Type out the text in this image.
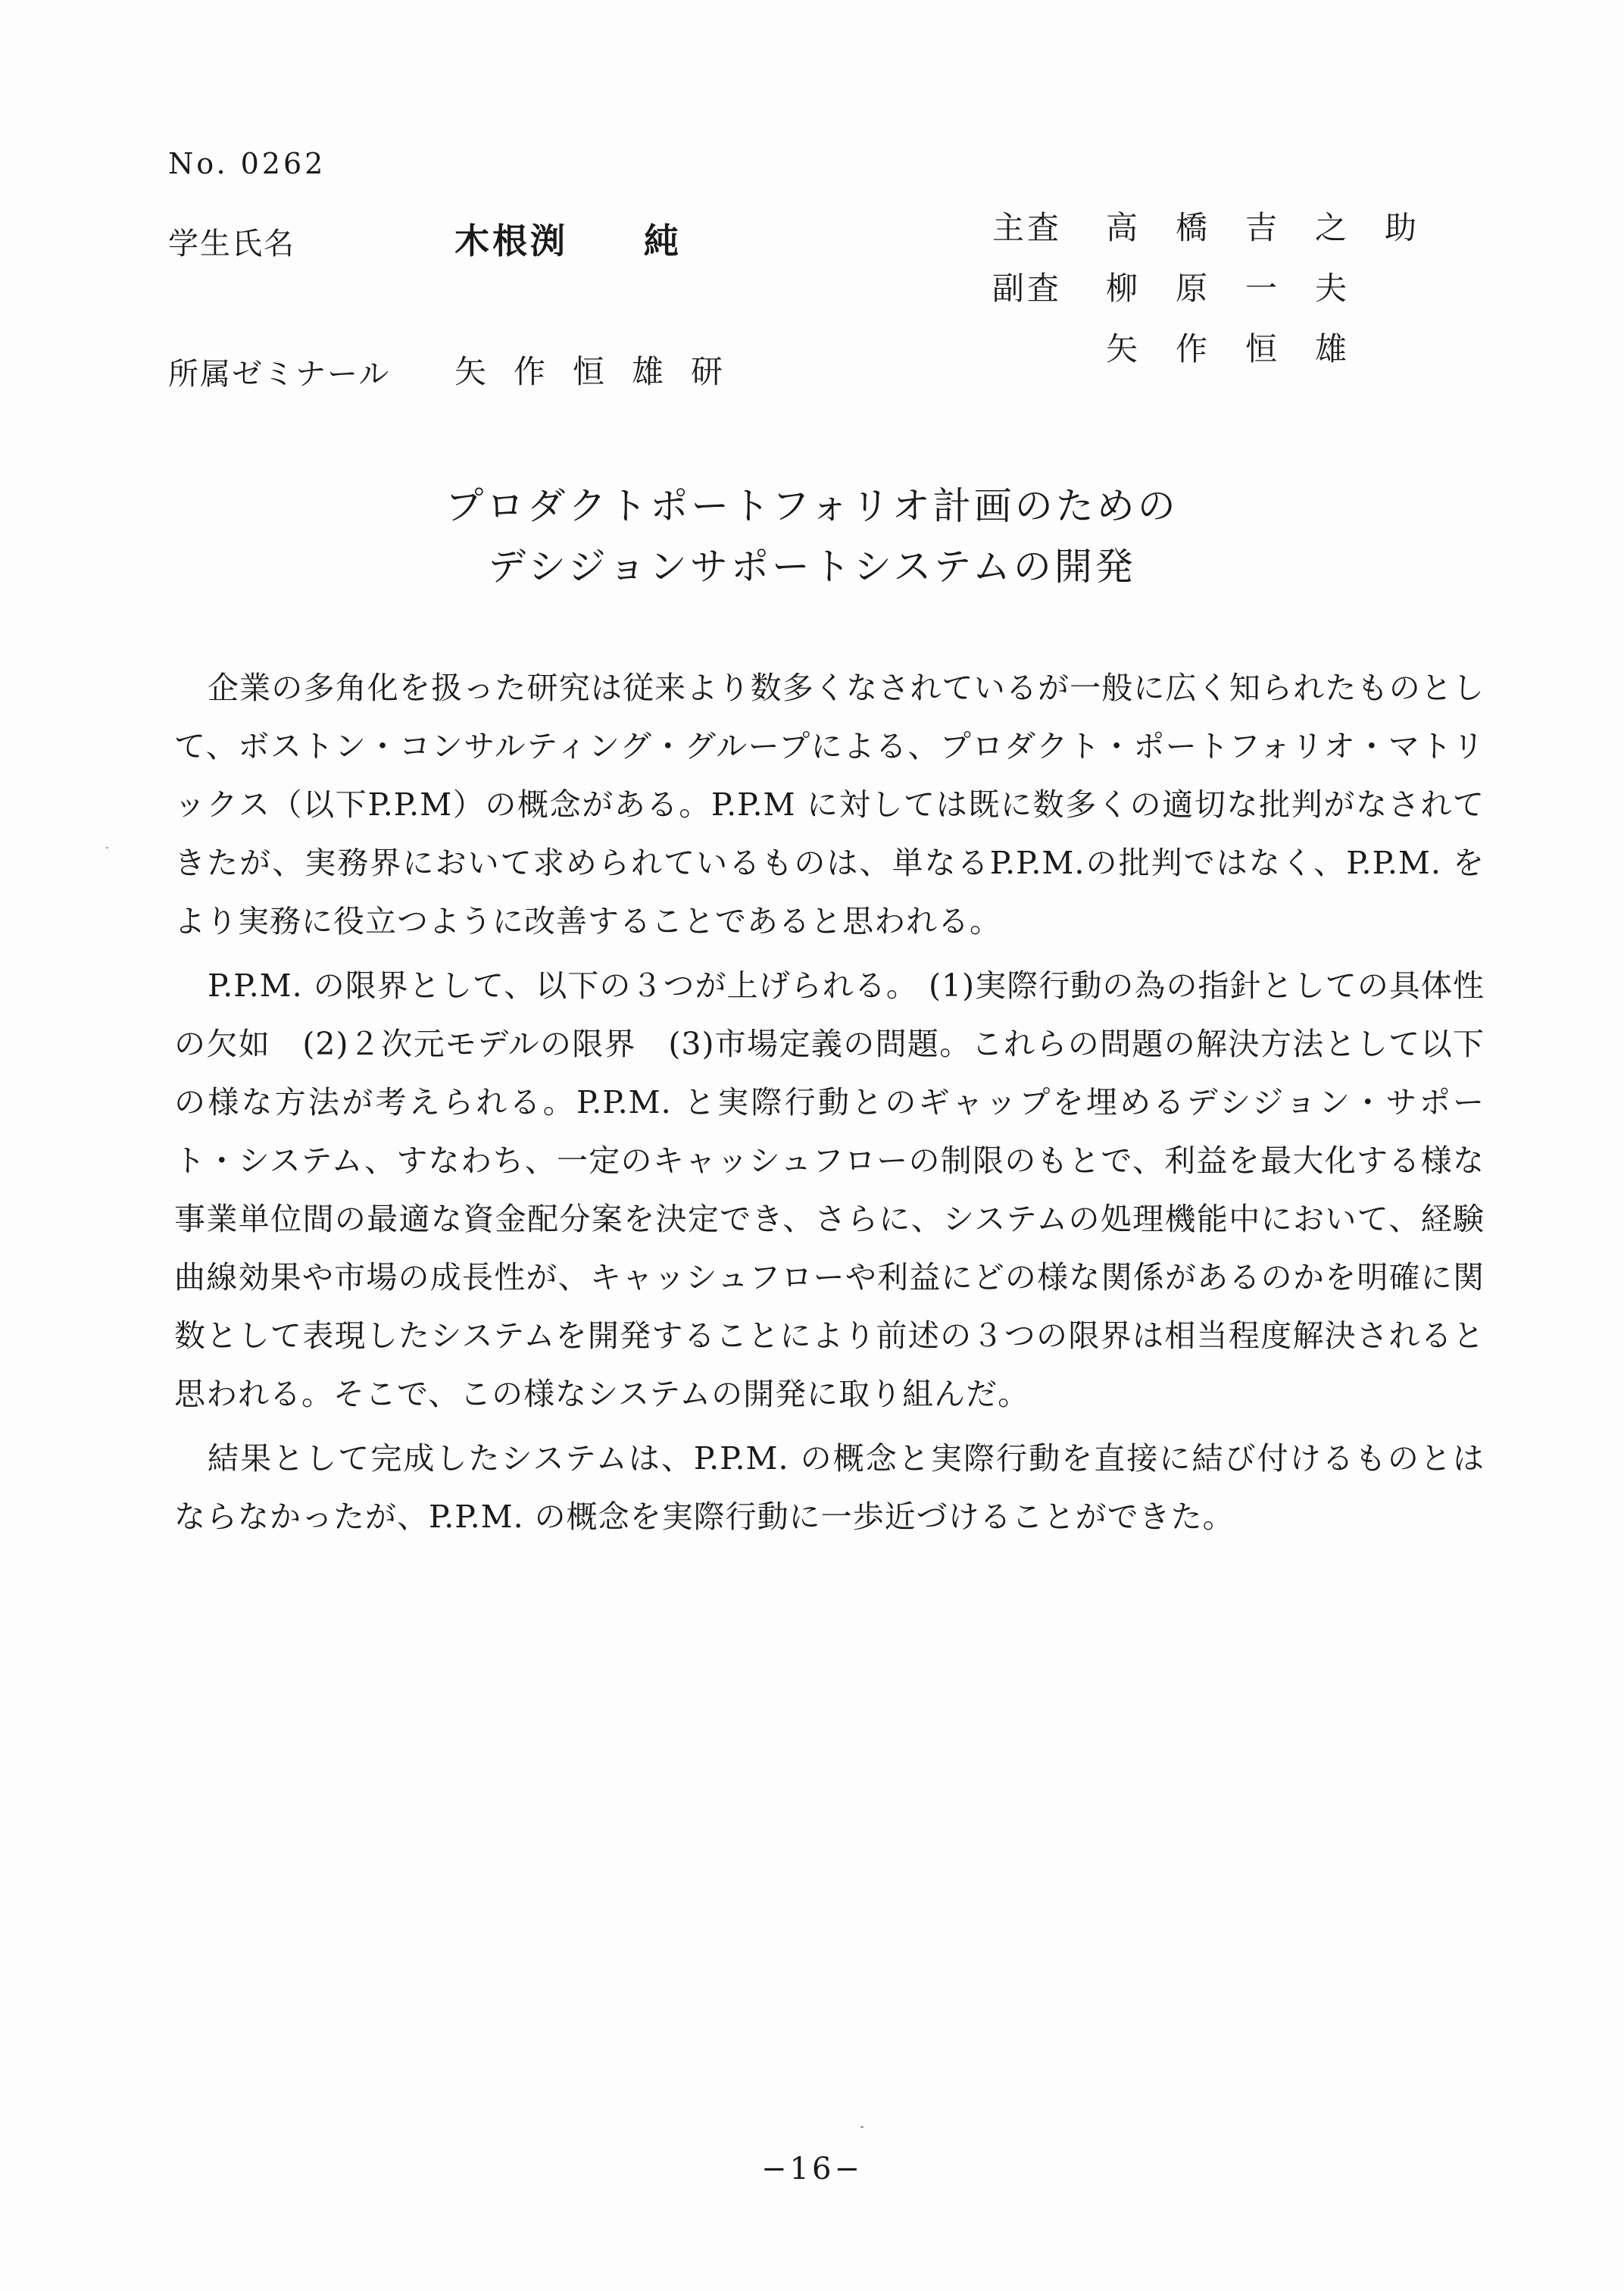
No. 0262
学生氏名	木根渕　　純
所属ゼミナール 矢作恒雄研
主査 高橋吉之助
副査 柳原一夫
矢作恒雄
プロダクトポートフォリオ計画のための
デシジョンサポートシステムの開発

企業の多角化を扱った研究は従来より数多くなされているが一般に広く知られたものとして、ボストン・コンサルティング・グループによる、プロダクト・ポートフォリオ・マトリックス（以下P.P.M）の概念がある。P.P.M に対しては既に数多くの適切な批判がなされてきたが、実務界において求められているものは、単なるP.P.M.の批判ではなく、P.P.M. をより実務に役立つように改善することであると思われる。

P.P.M. の限界として、以下の３つが上げられる。 (1)実際行動の為の指針としての具体性の欠如　(2)２次元モデルの限界　(3)市場定義の問題。これらの問題の解決方法として以下の様な方法が考えられる。P.P.M. と実際行動とのギャップを埋めるデシジョン・サポート・システム、すなわち、一定のキャッシュフローの制限のもとで、利益を最大化する様な事業単位間の最適な資金配分案を決定でき、さらに、システムの処理機能中において、経験曲線効果や市場の成長性が、キャッシュフローや利益にどの様な関係があるのかを明確に関数として表現したシステムを開発することにより前述の３つの限界は相当程度解決されると思われる。そこで、この様なシステムの開発に取り組んだ。

結果として完成したシステムは、P.P.M. の概念と実際行動を直接に結び付けるものとはならなかったが、P.P.M. の概念を実際行動に一歩近づけることができた。

−16−
